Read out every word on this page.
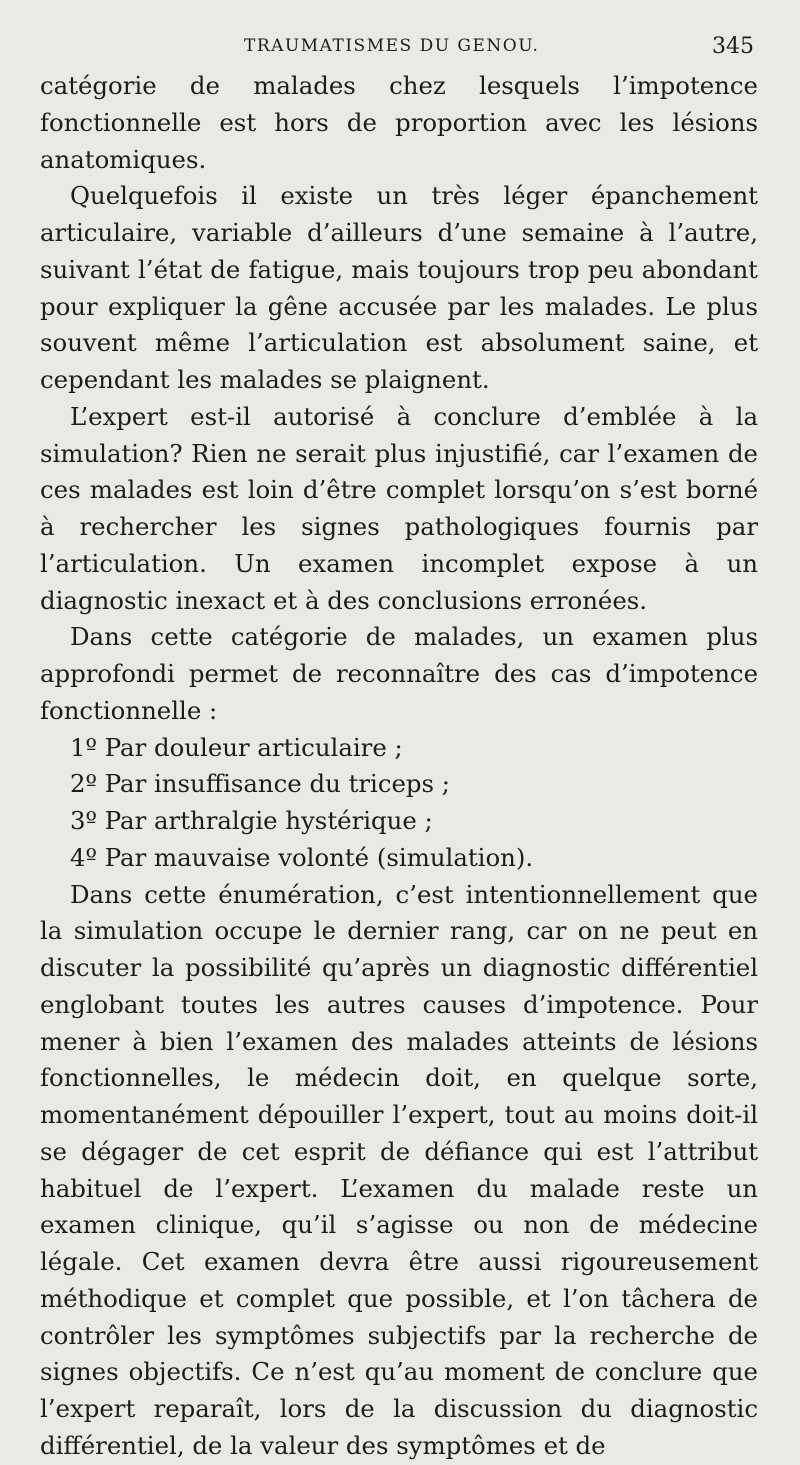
TRAUMATISMES DU GENOU.	345

catégorie de malades chez lesquels l’impotence fonctionnelle est hors de proportion avec les lésions anatomiques.

Quelquefois il existe un très léger épanchement articulaire, variable d’ailleurs d’une semaine à l’autre, suivant l’état de fatigue, mais toujours trop peu abondant pour expliquer la gêne accusée par les malades. Le plus souvent même l’articulation est absolument saine, et cependant les malades se plaignent.

L’expert est-il autorisé à conclure d’emblée à la simulation? Rien ne serait plus injustifié, car l’examen de ces malades est loin d’être complet lorsqu’on s’est borné à rechercher les signes pathologiques fournis par l’articulation. Un examen incomplet expose à un diagnostic inexact et à des conclusions erronées.

Dans cette catégorie de malades, un examen plus approfondi permet de reconnaître des cas d’impotence fonctionnelle :

1º Par douleur articulaire ;
2º Par insuffisance du triceps ;
3º Par arthralgie hystérique ;
4º Par mauvaise volonté (simulation).

Dans cette énumération, c’est intentionnellement que la simulation occupe le dernier rang, car on ne peut en discuter la possibilité qu’après un diagnostic différentiel englobant toutes les autres causes d’impotence. Pour mener à bien l’examen des malades atteints de lésions fonctionnelles, le médecin doit, en quelque sorte, momentanément dépouiller l’expert, tout au moins doit-il se dégager de cet esprit de défiance qui est l’attribut habituel de l’expert. L’examen du malade reste un examen clinique, qu’il s’agisse ou non de médecine légale. Cet examen devra être aussi rigoureusement méthodique et complet que possible, et l’on tâchera de contrôler les symptômes subjectifs par la recherche de signes objectifs. Ce n’est qu’au moment de conclure que l’expert reparaît, lors de la discussion du diagnostic différentiel, de la valeur des symptômes et de
